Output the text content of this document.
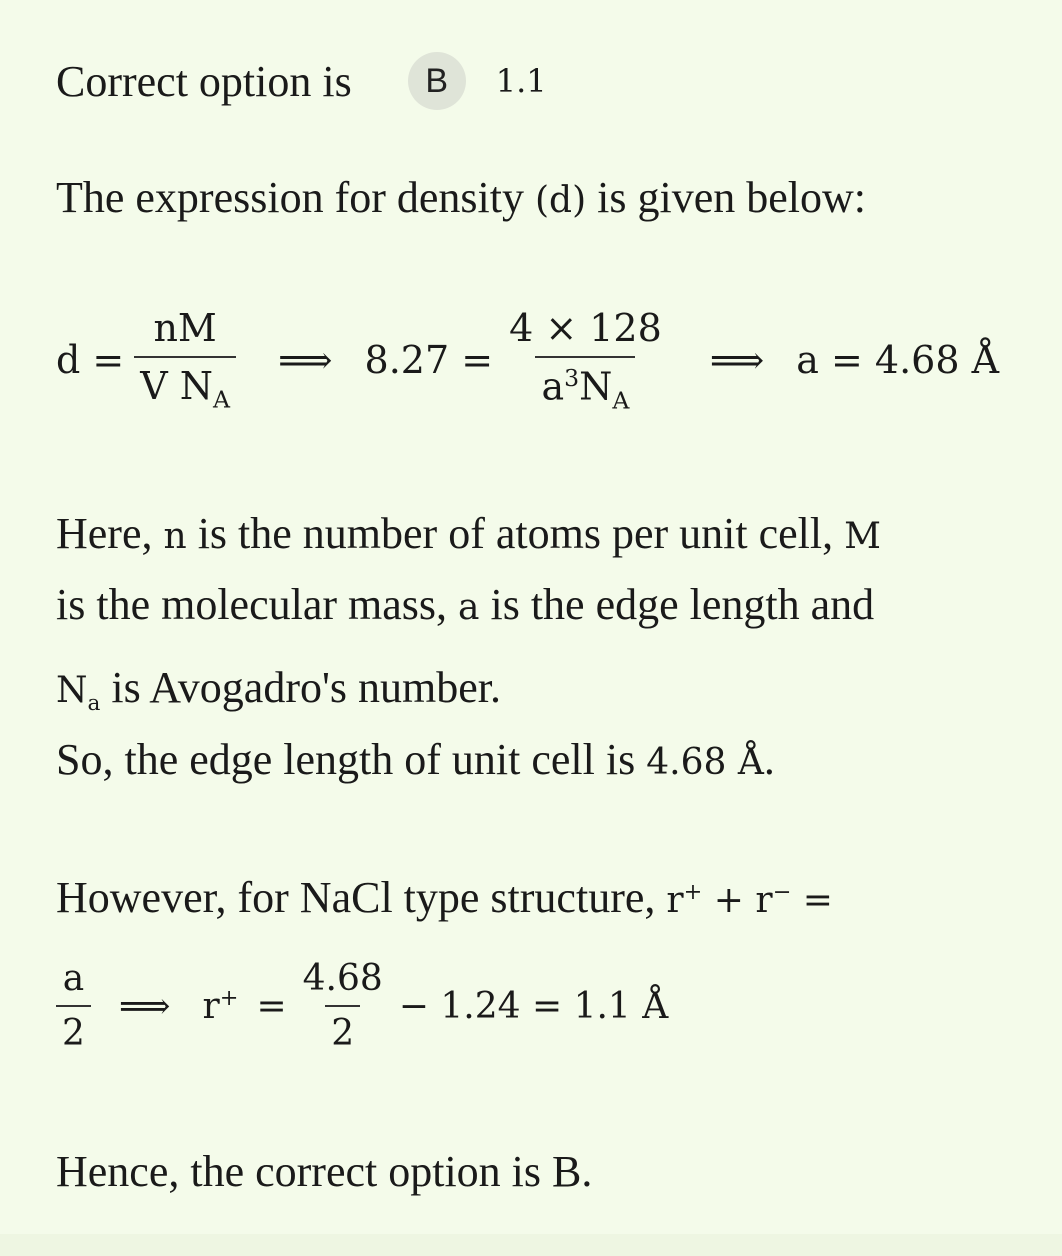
Correct option is	B	1.1
The expression for density (d) is given below:
$d = \frac{nM}{V N_A}$ ⟹ $8.27 = \frac{4 \times 128}{a^3N_A}$ ⟹ a = 4.68 Å
Here, n is the number of atoms per unit cell, M
is the molecular mass, a is the edge length and
$N_a$ is Avogadro's number.
So, the edge length of unit cell is 4.68 Å.
However, for NaCl type structure, r+ + r− =
$\frac{a}{2}$ ⟹ $r^+ = \frac{4.68}{2} - 1.24 = 1.1$ Å
Hence, the correct option is B.
